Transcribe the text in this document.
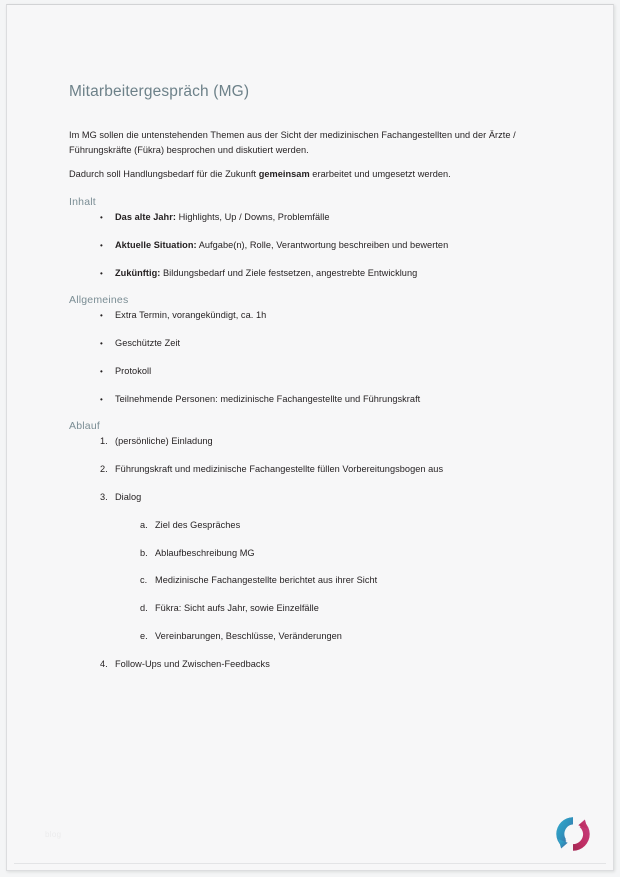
Mitarbeitergespräch (MG)

Im MG sollen die untenstehenden Themen aus der Sicht der medizinischen Fachangestellten und der Ärzte / Führungskräfte (Fükra) besprochen und diskutiert werden.

Dadurch soll Handlungsbedarf für die Zukunft gemeinsam erarbeitet und umgesetzt werden.

Inhalt
•	Das alte Jahr: Highlights, Up / Downs, Problemfälle
•	Aktuelle Situation: Aufgabe(n), Rolle, Verantwortung beschreiben und bewerten
•	Zukünftig: Bildungsbedarf und Ziele festsetzen, angestrebte Entwicklung
Allgemeines
•	Extra Termin, vorangekündigt, ca. 1h
•	Geschützte Zeit
•	Protokoll
•	Teilnehmende Personen: medizinische Fachangestellte und Führungskraft
Ablauf
1. (persönliche) Einladung
2. Führungskraft und medizinische Fachangestellte füllen Vorbereitungsbogen aus
3. Dialog
a. Ziel des Gespräches
b. Ablaufbeschreibung MG
c. Medizinische Fachangestellte berichtet aus ihrer Sicht
d. Fükra: Sicht aufs Jahr, sowie Einzelfälle
e. Vereinbarungen, Beschlüsse, Veränderungen
4. Follow-Ups und Zwischen-Feedbacks
blog
